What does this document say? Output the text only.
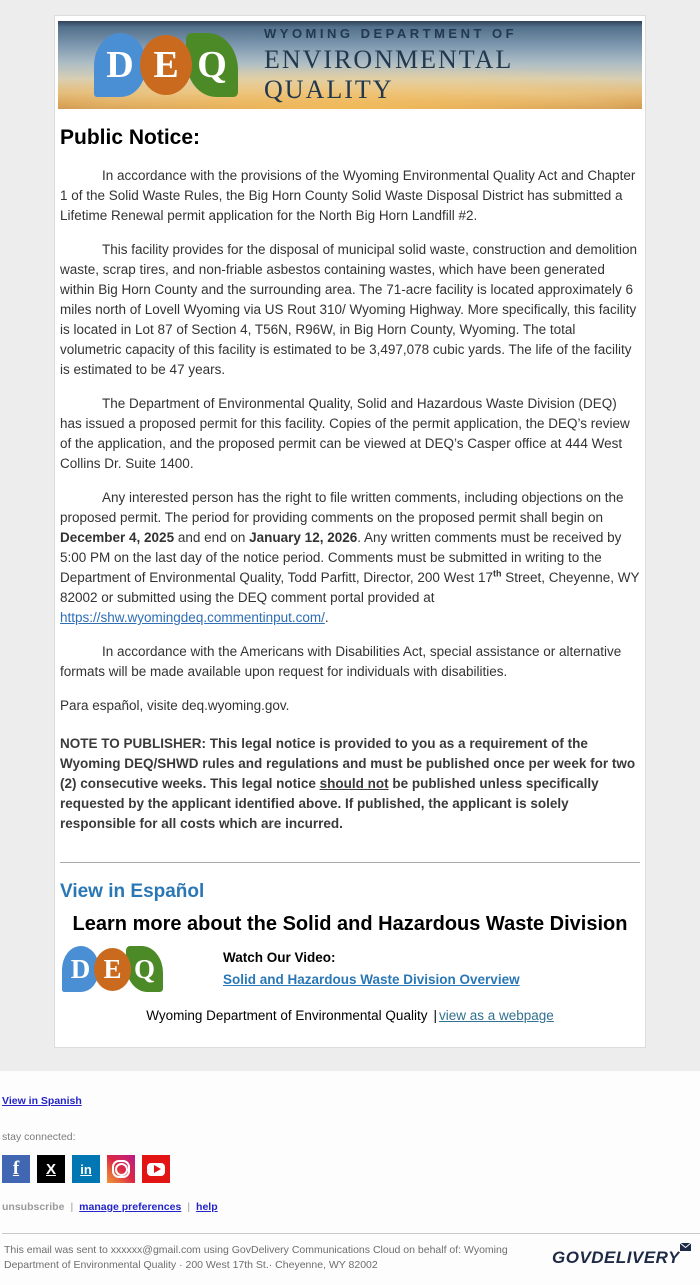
D E Q
WYOMING DEPARTMENT OF
ENVIRONMENTAL QUALITY
Public Notice:
In accordance with the provisions of the Wyoming Environmental Quality Act and Chapter 1 of the Solid Waste Rules, the Big Horn County Solid Waste Disposal District has submitted a Lifetime Renewal permit application for the North Big Horn Landfill #2.
This facility provides for the disposal of municipal solid waste, construction and demolition waste, scrap tires, and non-friable asbestos containing wastes, which have been generated within Big Horn County and the surrounding area. The 71-acre facility is located approximately 6 miles north of Lovell Wyoming via US Rout 310/ Wyoming Highway. More specifically, this facility is located in Lot 87 of Section 4, T56N, R96W, in Big Horn County, Wyoming. The total volumetric capacity of this facility is estimated to be 3,497,078 cubic yards. The life of the facility is estimated to be 47 years.
The Department of Environmental Quality, Solid and Hazardous Waste Division (DEQ) has issued a proposed permit for this facility. Copies of the permit application, the DEQ’s review of the application, and the proposed permit can be viewed at DEQ’s Casper office at 444 West Collins Dr. Suite 1400.
Any interested person has the right to file written comments, including objections on the proposed permit. The period for providing comments on the proposed permit shall begin on December 4, 2025 and end on January 12, 2026. Any written comments must be received by 5:00 PM on the last day of the notice period. Comments must be submitted in writing to the Department of Environmental Quality, Todd Parfitt, Director, 200 West 17th Street, Cheyenne, WY 82002 or submitted using the DEQ comment portal provided at https://shw.wyomingdeq.commentinput.com/.
In accordance with the Americans with Disabilities Act, special assistance or alternative formats will be made available upon request for individuals with disabilities.
Para español, visite deq.wyoming.gov.
NOTE TO PUBLISHER: This legal notice is provided to you as a requirement of the Wyoming DEQ/SHWD rules and regulations and must be published once per week for two (2) consecutive weeks. This legal notice should not be published unless specifically requested by the applicant identified above. If published, the applicant is solely responsible for all costs which are incurred.
View in Español
Learn more about the Solid and Hazardous Waste Division
D E Q	Watch Our Video:
Solid and Hazardous Waste Division Overview
Wyoming Department of Environmental Quality | view as a webpage
View in Spanish
stay connected:
f X in
unsubscribe | manage preferences | help
This email was sent to xxxxxx@gmail.com using GovDelivery Communications Cloud on behalf of: Wyoming Department of Environmental Quality · 200 West 17th St.· Cheyenne, WY 82002	GOVDELIVERY
